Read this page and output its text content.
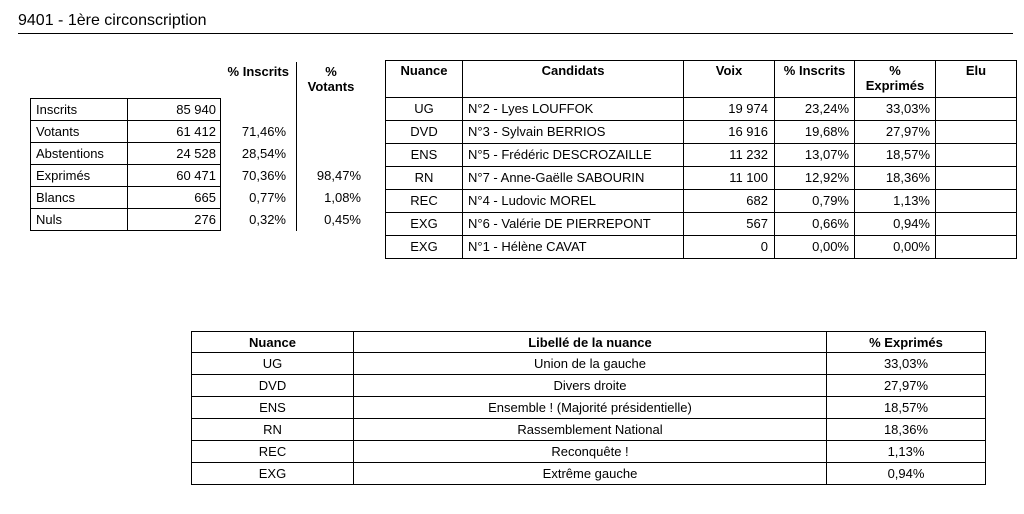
9401 - 1ère circonscription
		% Inscrits	% Votants
Inscrits	85 940		
Votants	61 412	71,46%	
Abstentions	24 528	28,54%	
Exprimés	60 471	70,36%	98,47%
Blancs	665	0,77%	1,08%
Nuls	276	0,32%	0,45%
Nuance	Candidats	Voix	% Inscrits	% Exprimés	Elu
UG	N°2 - Lyes LOUFFOK	19 974	23,24%	33,03%	
DVD	N°3 - Sylvain BERRIOS	16 916	19,68%	27,97%	
ENS	N°5 - Frédéric DESCROZAILLE	11 232	13,07%	18,57%	
RN	N°7 - Anne-Gaëlle SABOURIN	11 100	12,92%	18,36%	
REC	N°4 - Ludovic MOREL	682	0,79%	1,13%	
EXG	N°6 - Valérie DE PIERREPONT	567	0,66%	0,94%	
EXG	N°1 - Hélène CAVAT	0	0,00%	0,00%	
Nuance	Libellé de la nuance	% Exprimés
UG	Union de la gauche	33,03%
DVD	Divers droite	27,97%
ENS	Ensemble ! (Majorité présidentielle)	18,57%
RN	Rassemblement National	18,36%
REC	Reconquête !	1,13%
EXG	Extrême gauche	0,94%
